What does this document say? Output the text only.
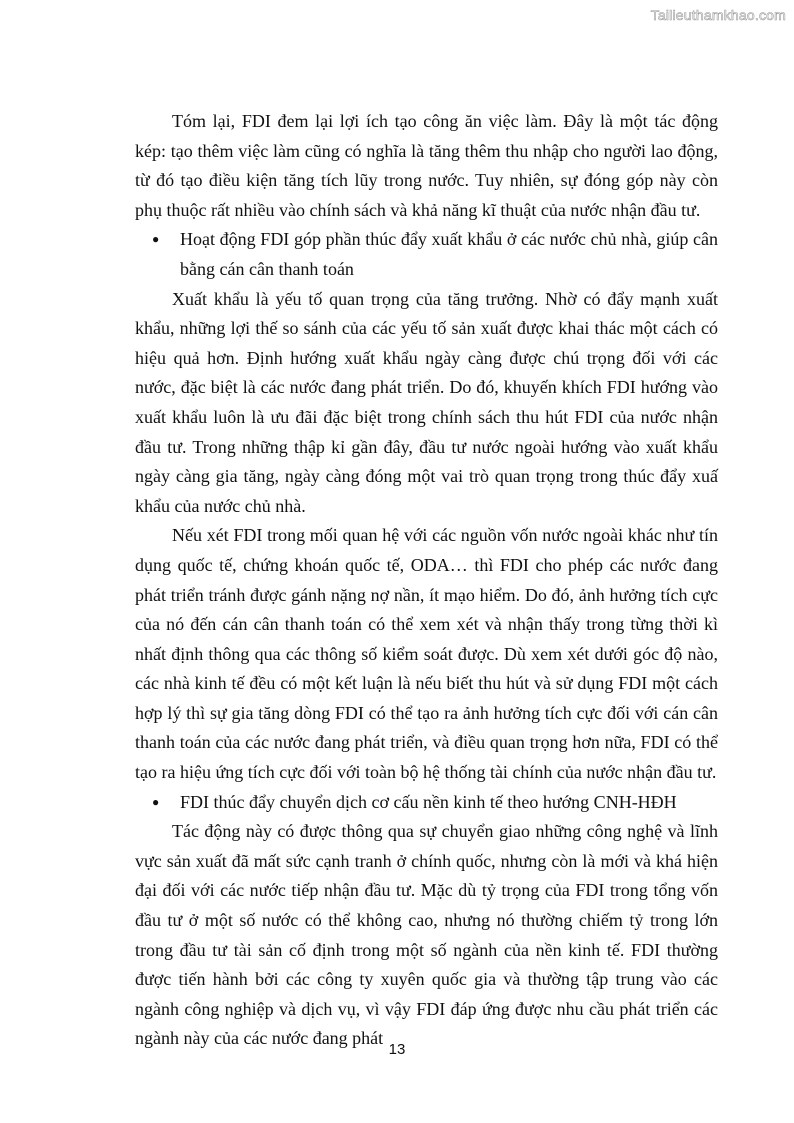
Tailieuthamkhao.com

Tóm lại, FDI đem lại lợi ích tạo công ăn việc làm. Đây là một tác động kép: tạo thêm việc làm cũng có nghĩa là tăng thêm thu nhập cho người lao động, từ đó tạo điều kiện tăng tích lũy trong nước. Tuy nhiên, sự đóng góp này còn phụ thuộc rất nhiều vào chính sách và khả năng kĩ thuật của nước nhận đầu tư.

● Hoạt động FDI góp phần thúc đẩy xuất khẩu ở các nước chủ nhà, giúp cân bằng cán cân thanh toán

Xuất khẩu là yếu tố quan trọng của tăng trưởng. Nhờ có đẩy mạnh xuất khẩu, những lợi thế so sánh của các yếu tố sản xuất được khai thác một cách có hiệu quả hơn. Định hướng xuất khẩu ngày càng được chú trọng đối với các nước, đặc biệt là các nước đang phát triển. Do đó, khuyến khích FDI hướng vào xuất khẩu luôn là ưu đãi đặc biệt trong chính sách thu hút FDI của nước nhận đầu tư. Trong những thập kỉ gần đây, đầu tư nước ngoài hướng vào xuất khẩu ngày càng gia tăng, ngày càng đóng một vai trò quan trọng trong thúc đẩy xuấ khẩu của nước chủ nhà.

Nếu xét FDI trong mối quan hệ với các nguồn vốn nước ngoài khác như tín dụng quốc tế, chứng khoán quốc tế, ODA… thì FDI cho phép các nước đang phát triển tránh được gánh nặng nợ nần, ít mạo hiểm. Do đó, ảnh hưởng tích cực của nó đến cán cân thanh toán có thể xem xét và nhận thấy trong từng thời kì nhất định thông qua các thông số kiểm soát được. Dù xem xét dưới góc độ nào, các nhà kinh tế đều có một kết luận là nếu biết thu hút và sử dụng FDI một cách hợp lý thì sự gia tăng dòng FDI có thể tạo ra ảnh hưởng tích cực đối với cán cân thanh toán của các nước đang phát triển, và điều quan trọng hơn nữa, FDI có thể tạo ra hiệu ứng tích cực đối với toàn bộ hệ thống tài chính của nước nhận đầu tư.

● FDI thúc đẩy chuyển dịch cơ cấu nền kinh tế theo hướng CNH-HĐH

Tác động này có được thông qua sự chuyển giao những công nghệ và lĩnh vực sản xuất đã mất sức cạnh tranh ở chính quốc, nhưng còn là mới và khá hiện đại đối với các nước tiếp nhận đầu tư. Mặc dù tỷ trọng của FDI trong tổng vốn đầu tư ở một số nước có thể không cao, nhưng nó thường chiếm tỷ trong lớn trong đầu tư tài sản cố định trong một số ngành của nền kinh tế. FDI thường được tiến hành bởi các công ty xuyên quốc gia và thường tập trung vào các ngành công nghiệp và dịch vụ, vì vậy FDI đáp ứng được nhu cầu phát triển các ngành này của các nước đang phát

13
